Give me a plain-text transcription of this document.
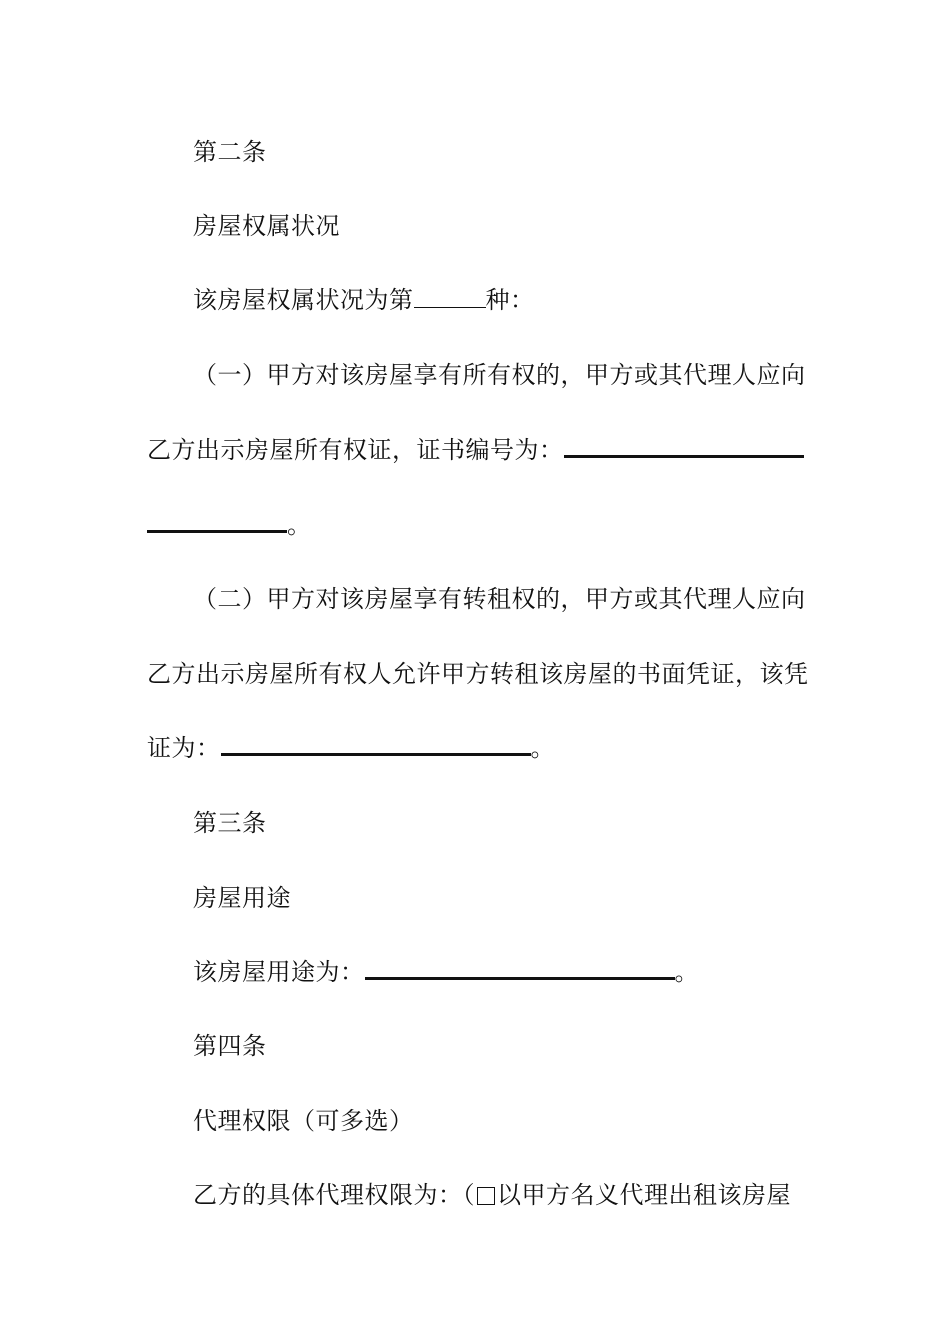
第二条
房屋权属状况
该房屋权属状况为第	种：
（一）甲方对该房屋享有所有权的，甲方或其代理人应向
乙方出示房屋所有权证，证书编号为：
。
（二）甲方对该房屋享有转租权的，甲方或其代理人应向
乙方出示房屋所有权人允许甲方转租该房屋的书面凭证，该凭
证为：	。
第三条
房屋用途
该房屋用途为：	。
第四条
代理权限（可多选）
乙方的具体代理权限为：（ 以甲方名义代理出租该房屋
